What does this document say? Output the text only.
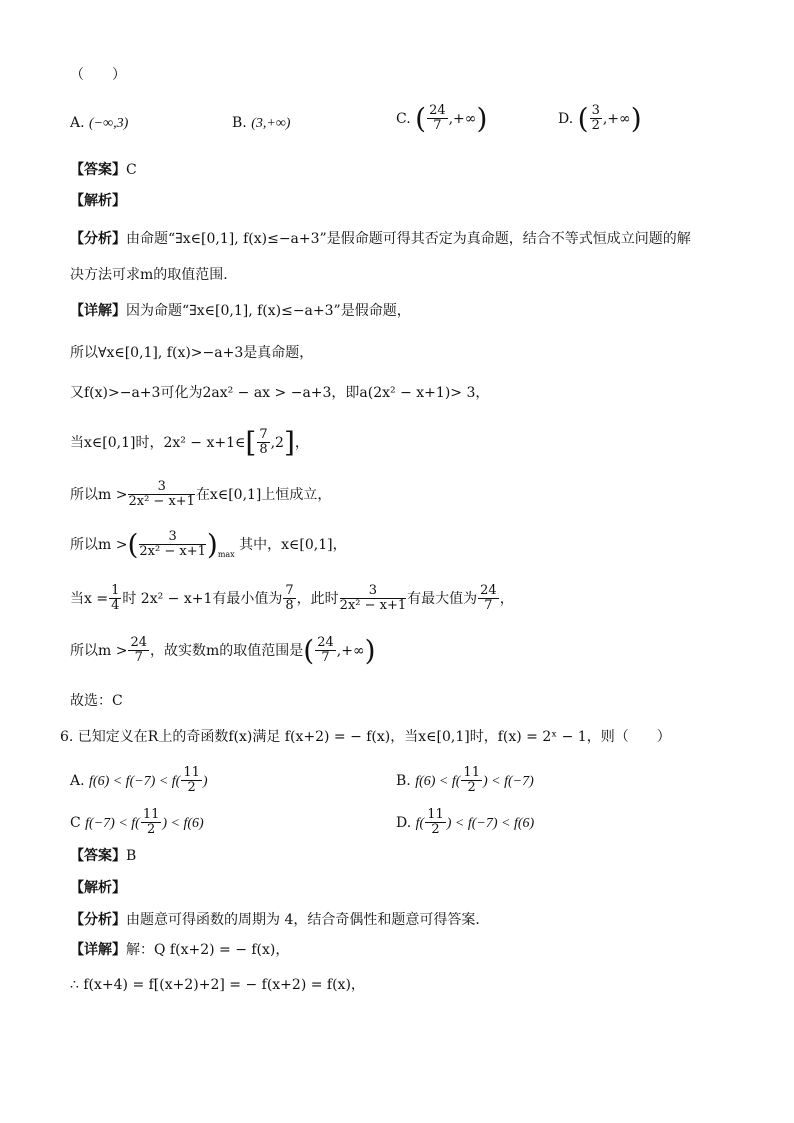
（　　）
A. (−∞,3)	B. (3,+∞)	C. ( $\frac{24}{7}$ ,+∞)	D. ( $\frac{3}{2}$ ,+∞)
【答案】C
【解析】
【分析】由命题“∃x∈[0,1], f(x)≤−a+3”是假命题可得其否定为真命题，结合不等式恒成立问题的解
决方法可求m的取值范围.
【详解】因为命题“∃x∈[0,1], f(x)≤−a+3”是假命题，
所以∀x∈[0,1], f(x)>−a+3是真命题，
又f(x)>−a+3可化为2ax² − ax > −a+3，即a(2x² − x+1)> 3，
当x∈[0,1]时，2x² − x+1∈[ $\frac{7}{8} ,2$]，
所以$m > \frac{3}{\text{2x² − x+1}}$ 在x∈[0,1]上恒成立，
所以m >( $\frac{3}{\text{2x² − x+1}} )_{max}$ 其中，x∈[0,1]，
当$x = \frac{1}{4}$ 时 2x² − x+1有最小值为 $\frac{7}{8}$ ，此时 $\frac{3}{\text{2x² − x+1}}$ 有最大值为 $\frac{24}{7}$ ，
所以$m > \frac{24}{7}$ ，故实数m的取值范围是( $\frac{24}{7}$ ,+∞)
故选：C
6. 已知定义在R上的奇函数f(x)满足 f(x+2) = − f(x)，当x∈[0,1]时，f(x) = 2ˣ − 1，则（　　）
A. $f(6) < f(-7) < f( \frac{11}{2}$ )	B. $f(6) < f( \frac{11}{2}$ ) < f(−7)
C $f(-7) < f( \frac{11}{2}$ ) < f(6)	D. $f( \frac{11}{2}$ ) < f(−7) < f(6)
【答案】B
【解析】
【分析】由题意可得函数的周期为 4，结合奇偶性和题意可得答案．
【详解】解：Q f(x+2) = − f(x)，
∴ f(x+4) = f[(x+2)+2] = − f(x+2) = f(x)，
